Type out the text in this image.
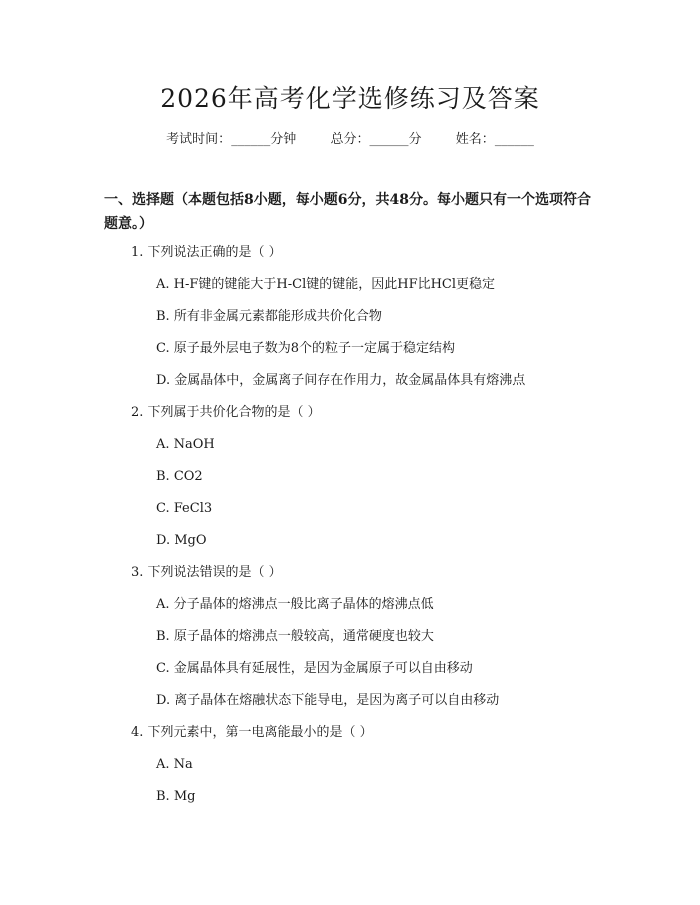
2026年高考化学选修练习及答案
考试时间：______分钟	总分：______分	姓名：______
一、选择题（本题包括8小题，每小题6分，共48分。每小题只有一个选项符合题意。）
1. 下列说法正确的是（ ）
A. H-F键的键能大于H-Cl键的键能，因此HF比HCl更稳定
B. 所有非金属元素都能形成共价化合物
C. 原子最外层电子数为8个的粒子一定属于稳定结构
D. 金属晶体中，金属离子间存在作用力，故金属晶体具有熔沸点
2. 下列属于共价化合物的是（ ）
A. NaOH
B. CO2
C. FeCl3
D. MgO
3. 下列说法错误的是（ ）
A. 分子晶体的熔沸点一般比离子晶体的熔沸点低
B. 原子晶体的熔沸点一般较高，通常硬度也较大
C. 金属晶体具有延展性，是因为金属原子可以自由移动
D. 离子晶体在熔融状态下能导电，是因为离子可以自由移动
4. 下列元素中，第一电离能最小的是（ ）
A. Na
B. Mg
